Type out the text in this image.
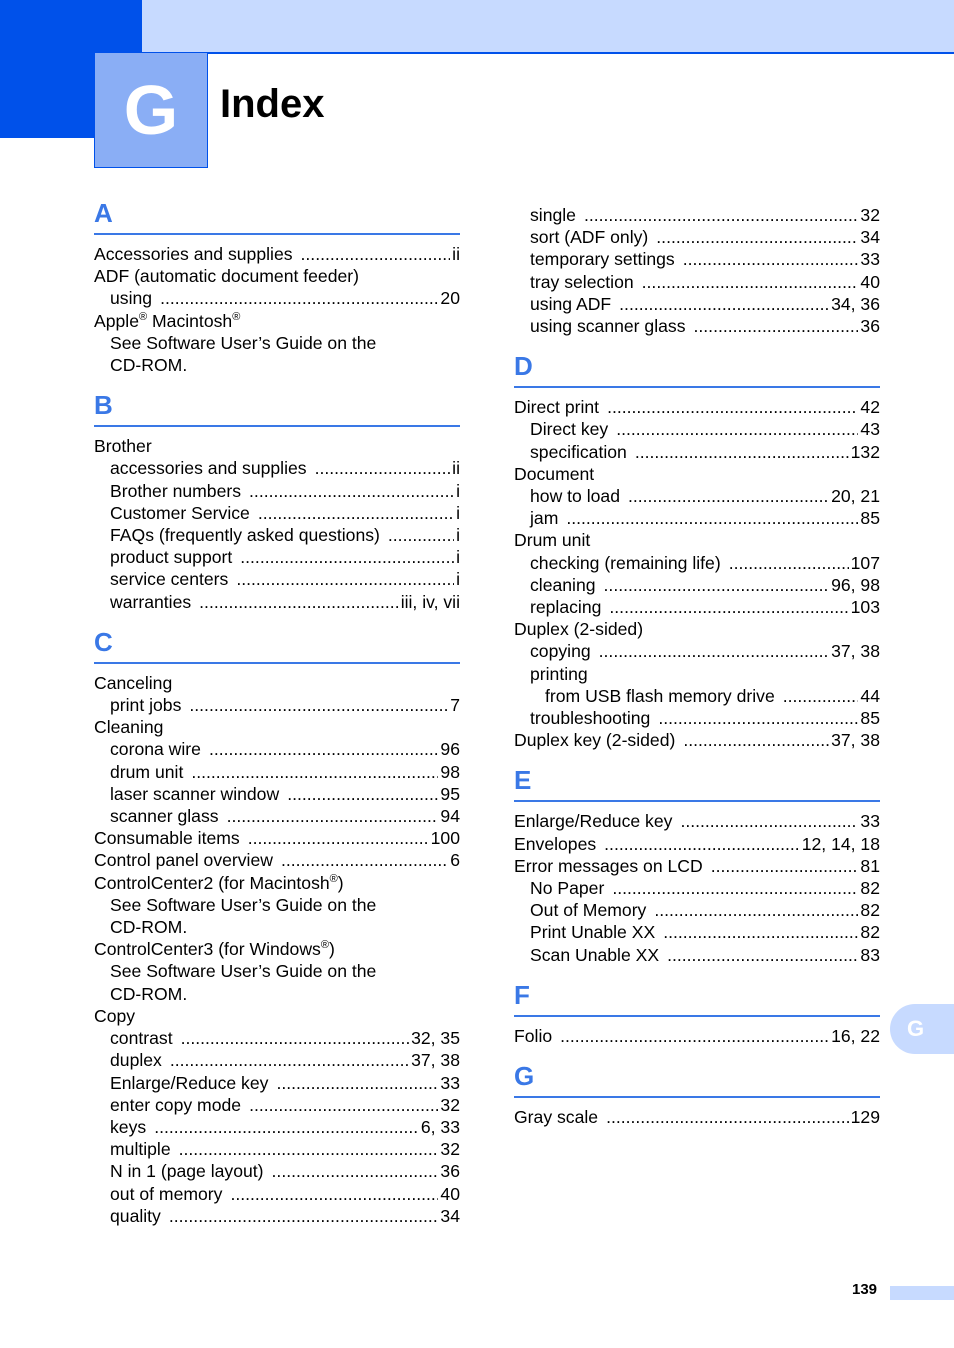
G	Index
A
Accessories and supplies .....	ii
ADF (automatic document feeder)
using .....	20
Apple® Macintosh®
See Software User’s Guide on the
CD-ROM.
B
Brother
accessories and supplies .....	ii
Brother numbers .....	i
Customer Service .....	i
FAQs (frequently asked questions) .....	i
product support .....	i
service centers .....	i
warranties .....	iii, iv, vii
C
Canceling
print jobs .....	7
Cleaning
corona wire .....	96
drum unit .....	98
laser scanner window .....	95
scanner glass .....	94
Consumable items .....	100
Control panel overview .....	6
ControlCenter2 (for Macintosh®)
See Software User’s Guide on the
CD-ROM.
ControlCenter3 (for Windows®)
See Software User’s Guide on the
CD-ROM.
Copy
contrast .....	32, 35
duplex .....	37, 38
Enlarge/Reduce key .....	33
enter copy mode .....	32
keys .....	6, 33
multiple .....	32
N in 1 (page layout) .....	36
out of memory .....	40
quality .....	34
single .....	32
sort (ADF only) .....	34
temporary settings .....	33
tray selection .....	40
using ADF .....	34, 36
using scanner glass .....	36
D
Direct print .....	42
Direct key .....	43
specification .....	132
Document
how to load .....	20, 21
jam .....	85
Drum unit
checking (remaining life) .....	107
cleaning .....	96, 98
replacing .....	103
Duplex (2-sided)
copying .....	37, 38
printing
from USB flash memory drive .....	44
troubleshooting .....	85
Duplex key (2-sided) .....	37, 38
E
Enlarge/Reduce key .....	33
Envelopes .....	12, 14, 18
Error messages on LCD .....	81
No Paper .....	82
Out of Memory .....	82
Print Unable XX .....	82
Scan Unable XX .....	83
F
Folio .....	16, 22
G
Gray scale .....	129
G
139
